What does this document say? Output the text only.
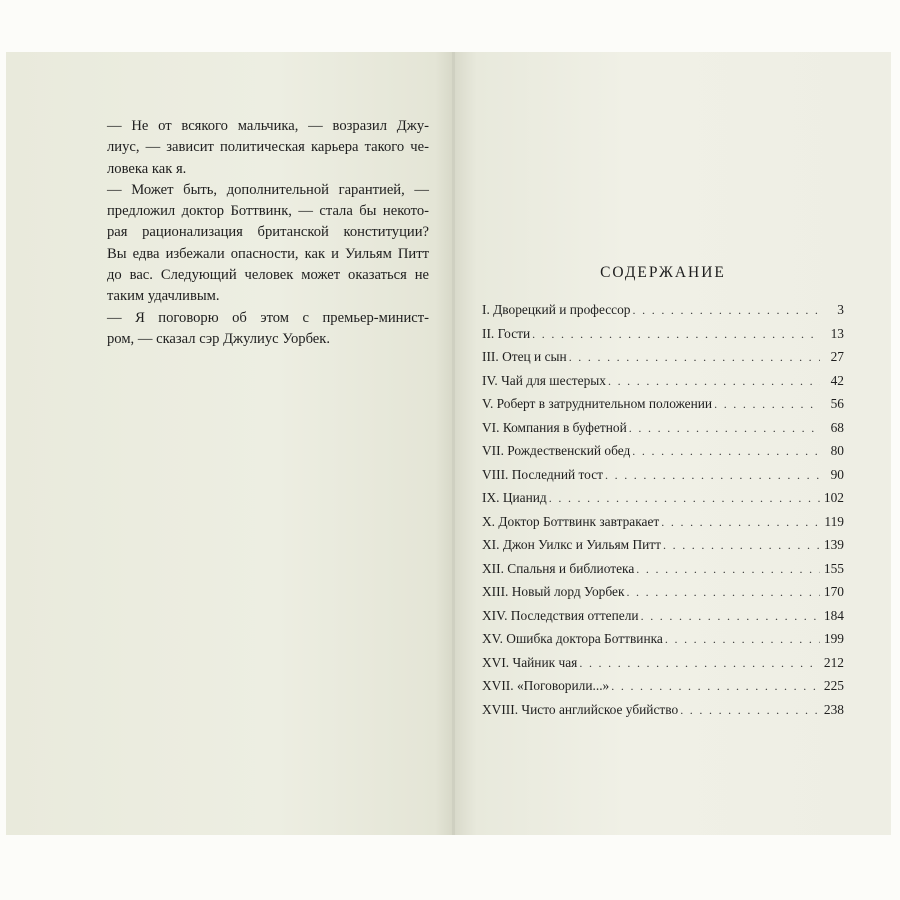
— Не от всякого мальчика, — возразил Джу-
лиус, — зависит политическая карьера такого че-
ловека как я.

— Может быть, дополнительной гарантией, —
предложил доктор Боттвинк, — стала бы некото-
рая рационализация британской конституции?
Вы едва избежали опасности, как и Уильям Питт
до вас. Следующий человек может оказаться не
таким удачливым.

— Я поговорю об этом с премьер-минист-
ром, — сказал сэр Джулиус Уорбек.

СОДЕРЖАНИЕ
I. Дворецкий и профессор . . .	3
II. Гости . . .	13
III. Отец и сын . . .	27
IV. Чай для шестерых . . .	42
V. Роберт в затруднительном положении . . .	56
VI. Компания в буфетной . . .	68
VII. Рождественский обед . . .	80
VIII. Последний тост . . .	90
IX. Цианид . . .	102
X. Доктор Боттвинк завтракает . . .	119
XI. Джон Уилкс и Уильям Питт . . .	139
XII. Спальня и библиотека . . .	155
XIII. Новый лорд Уорбек . . .	170
XIV. Последствия оттепели . . .	184
XV. Ошибка доктора Боттвинка . . .	199
XVI. Чайник чая . . .	212
XVII. «Поговорили...» . . .	225
XVIII. Чисто английское убийство . . .	238
